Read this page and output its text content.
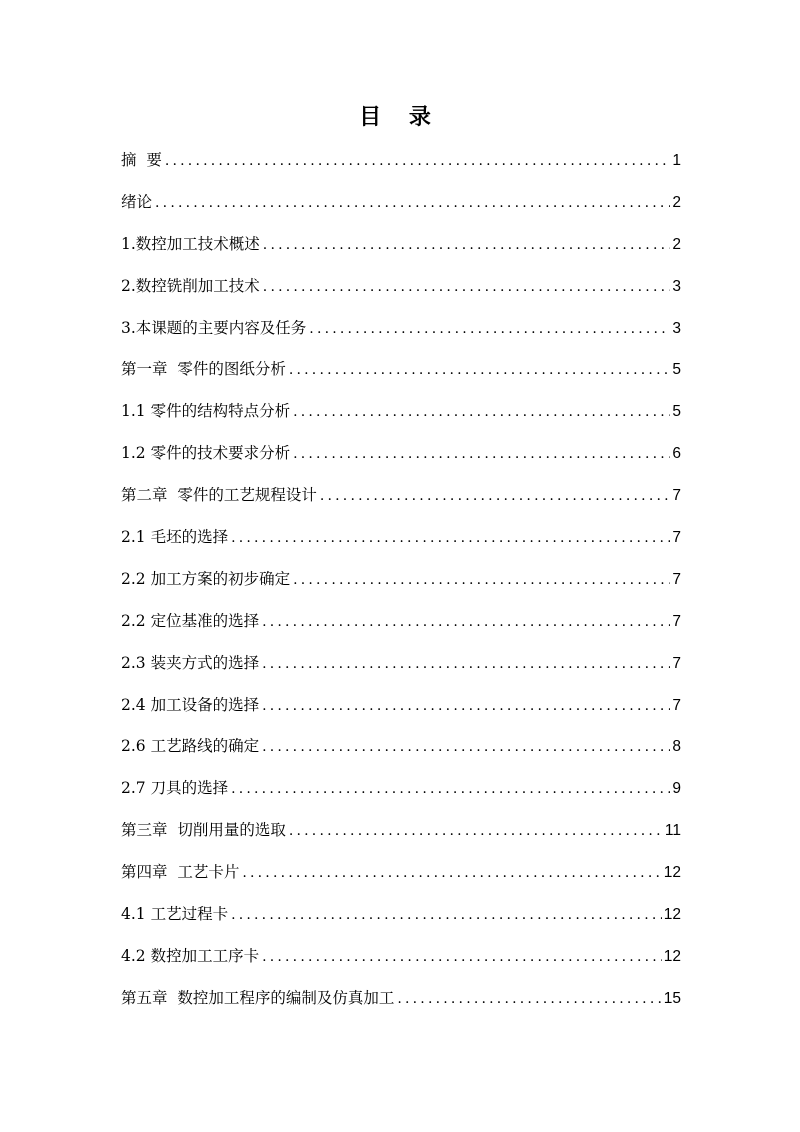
目 录
摘  要 .....	1
绪论 .....	2
1.数控加工技术概述 .....	2
2.数控铣削加工技术 .....	3
3.本课题的主要内容及任务 .....	3
第一章  零件的图纸分析 .....	5
1.1 零件的结构特点分析 .....	5
1.2 零件的技术要求分析 .....	6
第二章  零件的工艺规程设计 .....	7
2.1 毛坯的选择 .....	7
2.2 加工方案的初步确定 .....	7
2.2 定位基准的选择 .....	7
2.3 装夹方式的选择 .....	7
2.4 加工设备的选择 .....	7
2.6 工艺路线的确定 .....	8
2.7 刀具的选择 .....	9
第三章  切削用量的选取 .....	11
第四章  工艺卡片 .....	12
4.1 工艺过程卡 .....	12
4.2 数控加工工序卡 .....	12
第五章  数控加工程序的编制及仿真加工 .....	15
